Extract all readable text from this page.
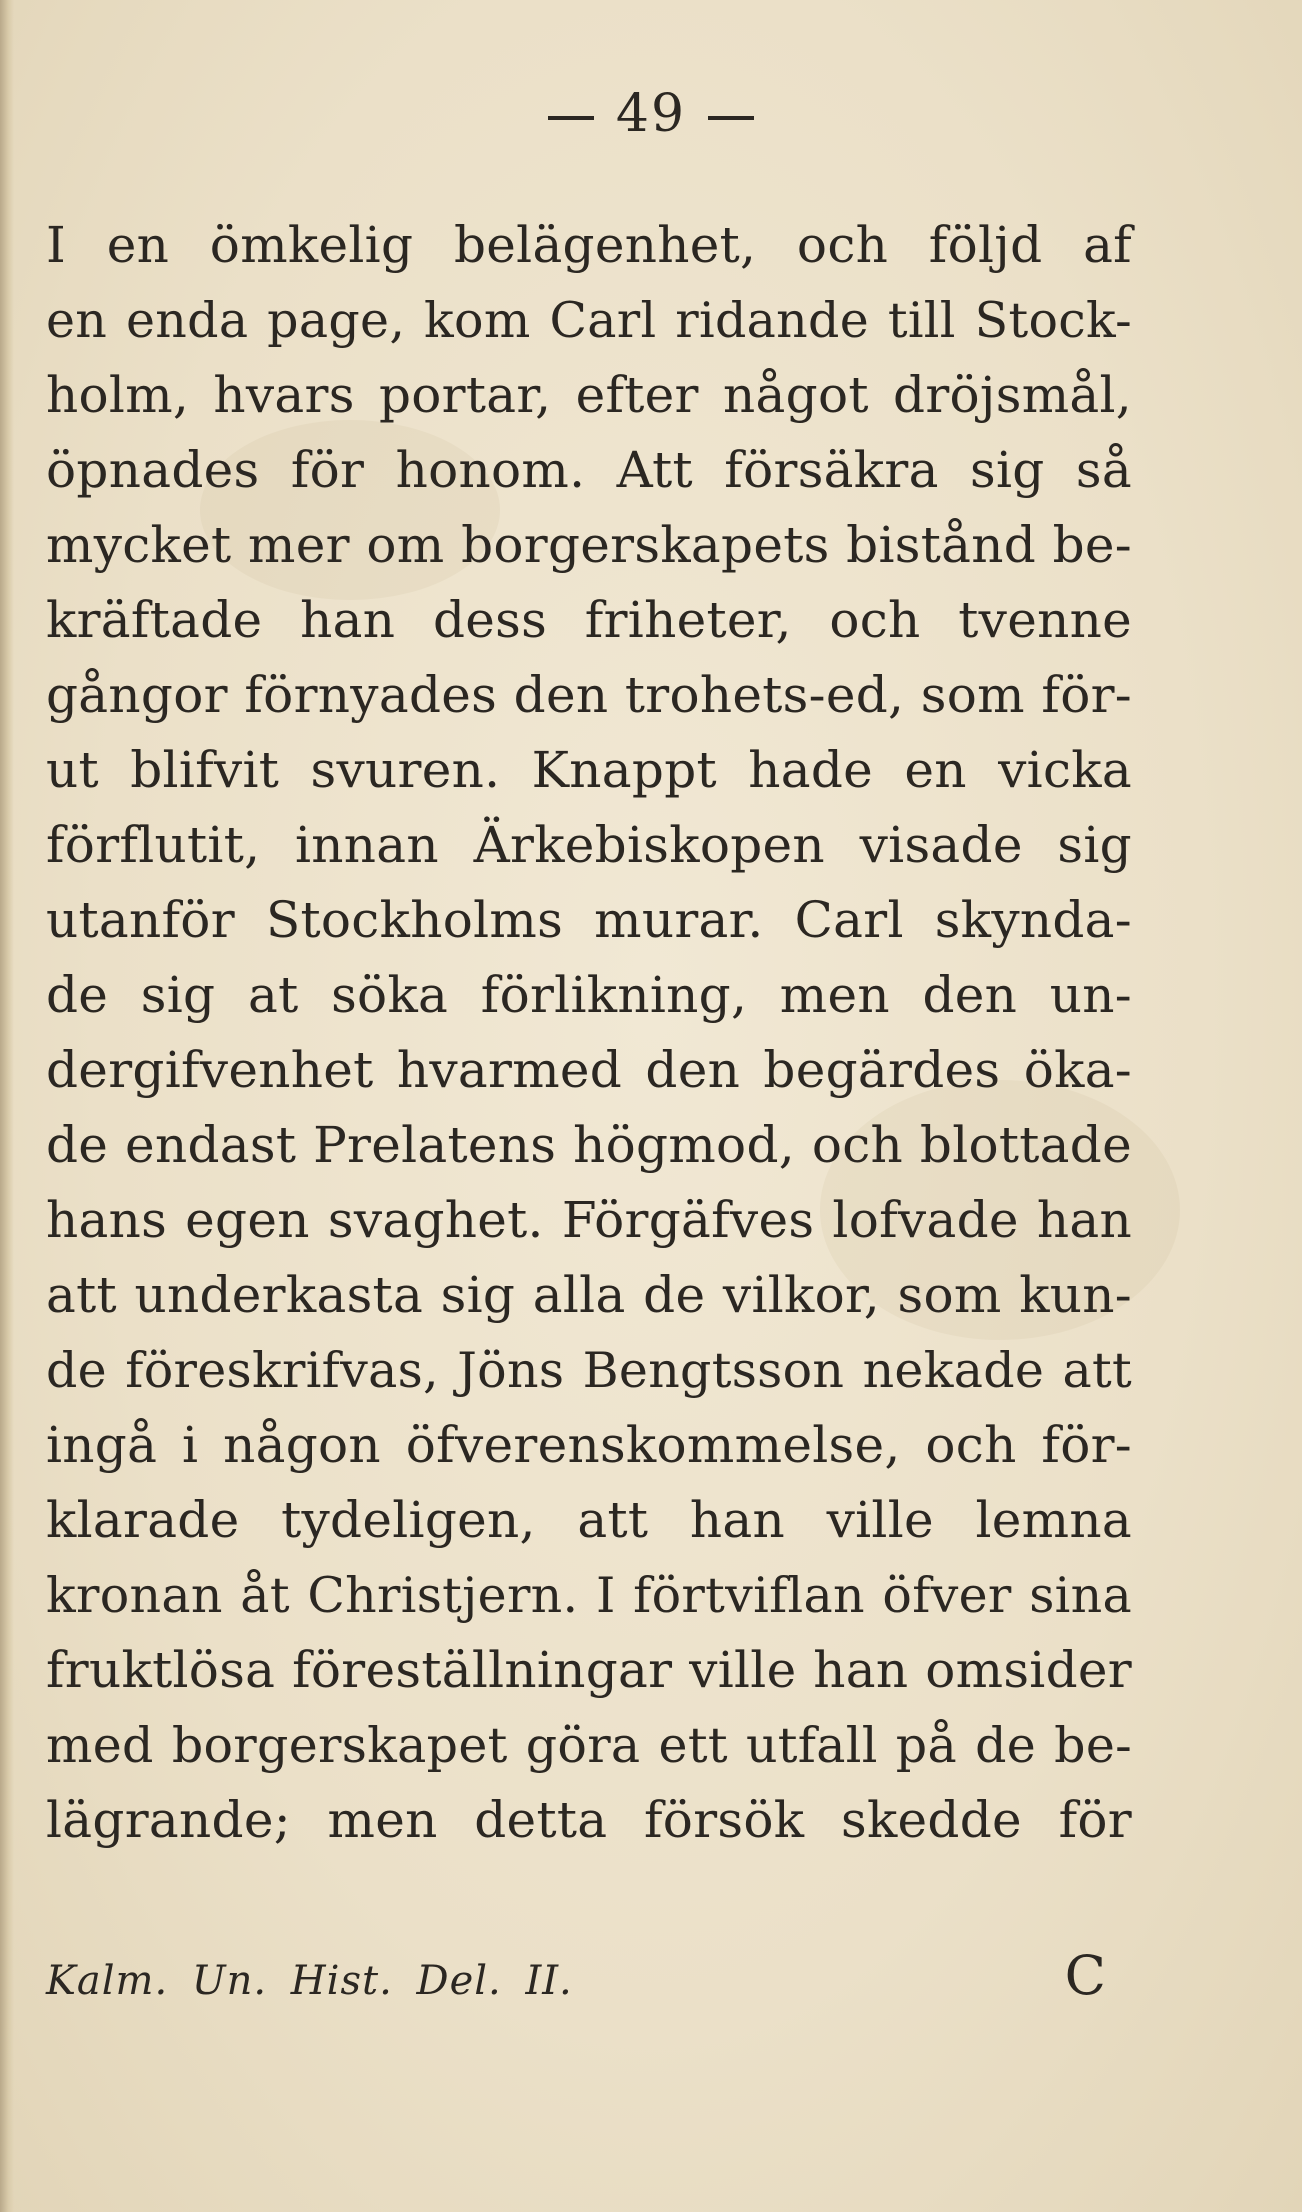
49
I en ömkelig belägenhet, och följd af
en enda page, kom Carl ridande till Stock-
holm, hvars portar, efter något dröjsmål,
öpnades för honom. Att försäkra sig så
mycket mer om borgerskapets bistånd be-
kräftade han dess friheter, och tvenne
gångor förnyades den trohets-ed, som för-
ut blifvit svuren. Knappt hade en vicka
förflutit, innan Ärkebiskopen visade sig
utanför Stockholms murar. Carl skynda-
de sig at söka förlikning, men den un-
dergifvenhet hvarmed den begärdes ökа-
de endast Prelatens högmod, och blottade
hans egen svaghet. Förgäfves lofvade han
att underkasta sig alla de vilkor, som kun-
de föreskrifvas, Jöns Bengtsson nekade att
ingå i någon öfverenskommelse, och för-
klarade tydeligen, att han ville lemna
kronan åt Christjern. I förtviflan öfver sina
fruktlösa föreställningar ville han omsider
med borgerskapet göra ett utfall på de be-
lägrande; men detta försök skedde för
Kalm. Un. Hist. Del. II.	C
